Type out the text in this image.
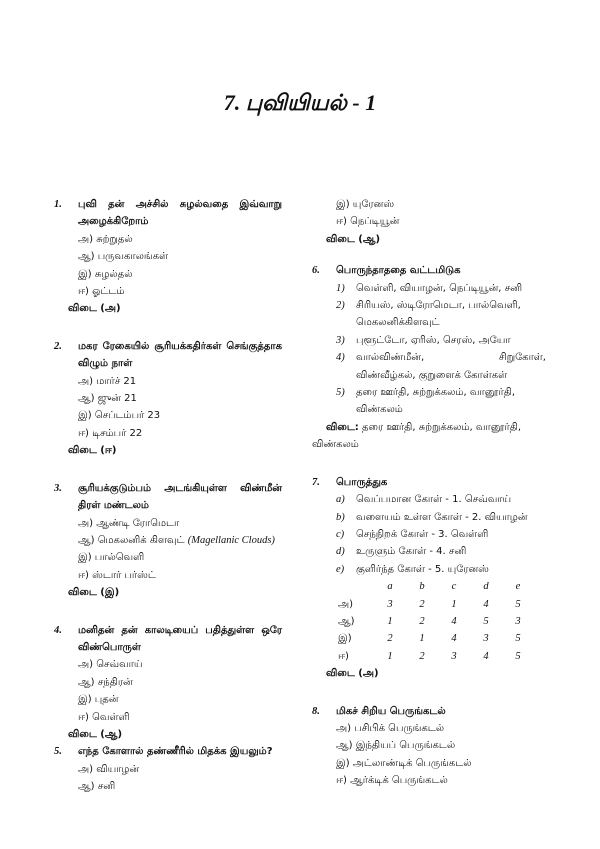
7. புவியியல் - 1
1.	புவி தன் அச்சில் சுழல்வதை இவ்வாறு அழைக்கிறோம்
அ) சுற்றுதல்
ஆ) பருவகாலங்கள்
இ) சுழல்தல்
ஈ) ஓட்டம்
விடை (அ)
2.	மகர ரேகையில் சூரியக்கதிர்கள் செங்குத்தாக விழும் நாள்
அ) மார்ச் 21
ஆ) ஜுன் 21
இ) செப்டம்பர் 23
ஈ) டிசம்பர் 22
விடை (ஈ)
3.	சூரியக்குடும்பம் அடங்கியுள்ள விண்மீன் திரள் மண்டலம்
அ) ஆண்டி ரோமெடா
ஆ) மெகலனிக் கிளவுட் (Magellanic Clouds)
இ) பால்வெளி
ஈ) ஸ்டார் பர்ஸ்ட்
விடை (இ)
4.	மனிதன் தன் காலடியைப் பதித்துள்ள ஒரே விண்பொருள்
அ) செவ்வாய்
ஆ) சந்திரன்
இ) புதன்
ஈ) வெள்ளி
விடை (ஆ)
5.	எந்த கோளால் தண்ணீரில் மிதக்க இயலும்?
அ) வியாழன்
ஆ) சனி
இ) யுரேனஸ்
ஈ) நெப்டியூன்
விடை (ஆ)
6.	பொருந்தாததை வட்டமிடுக
1)	வெள்ளி, வியாழன், நெப்டியூன், சனி
2)	சிரியஸ், ஸ்டிரோமெடா, பால்வெளி,
மெகலனிக்கிளவுட்
3)	புளூட்டோ, ஏரிஸ், செரஸ், அயோ
4)	வால்விண்மீன், சிறுகோள்,
விண்வீழ்கல், குறுளைக் கோள்கள்
5)	தரை ஊர்தி, சுற்றுக்கலம், வானூர்தி,
விண்கலம்
விடை: தரை ஊர்தி, சுற்றுக்கலம், வானூர்தி,
விண்கலம்
7.	பொருத்துக
a)	வெப்பமான கோள் - 1. செவ்வாய்
b)	வளையம் உள்ள கோள் - 2. வியாழன்
c)	செந்நிறக் கோள் - 3. வெள்ளி
d)	உருளும் கோள் - 4. சனி
e)	குளிர்ந்த கோள் - 5. யுரேனஸ்
	a	b	c	d	e
அ)	3	2	1	4	5
ஆ)	1	2	4	5	3
இ)	2	1	4	3	5
ஈ)	1	2	3	4	5
விடை (அ)
8.	மிகச் சிறிய பெருங்கடல்
அ) பசிபிக் பெருங்கடல்
ஆ) இந்தியப் பெருங்கடல்
இ) அட்லாண்டிக் பெருங்கடல்
ஈ) ஆர்க்டிக் பெருங்கடல்
